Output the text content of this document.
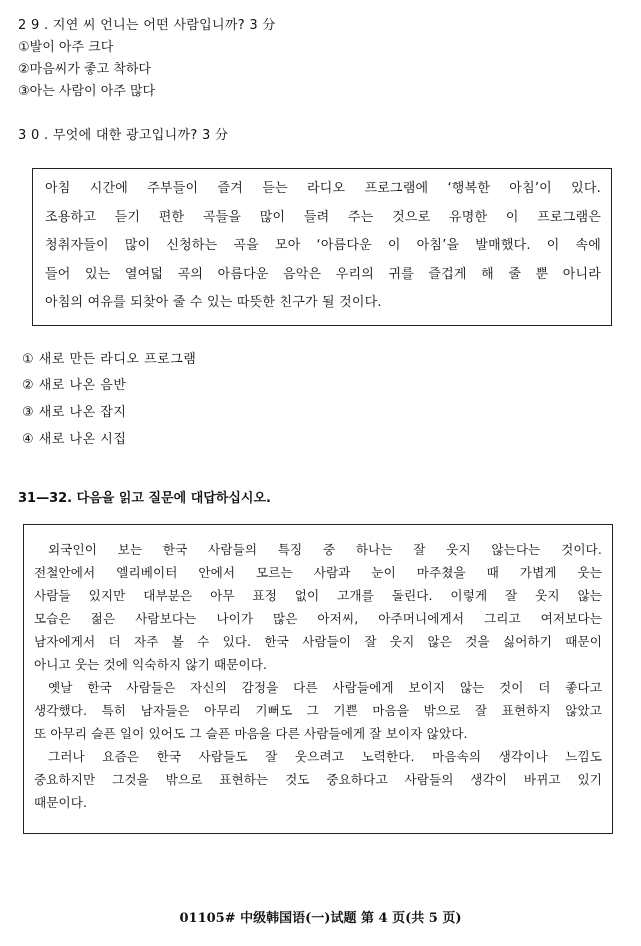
2 9 . 지연 씨 언니는 어떤 사람입니까? 3 分
①발이 아주 크다
②마음씨가 좋고 착하다
③아는 사람이 아주 많다
3 0 . 무엇에 대한 광고입니까? 3 分

아침 시간에 주부들이 즐겨 듣는 라디오 프로그램에 ‘행복한 아침’이 있다.

조용하고 듣기 편한 곡들을 많이 들려 주는 것으로 유명한 이 프로그램은

청취자들이 많이 신청하는 곡을 모아 ‘아름다운 이 아침’을 발매했다. 이 속에

들어 있는 열여덟 곡의 아름다운 음악은 우리의 귀를 즐겁게 해 줄 뿐 아니라

아침의 여유를 되찾아 줄 수 있는 따뜻한 친구가 될 것이다.

① 새로 만든 라디오 프로그램
② 새로 나온 음반
③ 새로 나온 잡지
④ 새로 나온 시집
31—32. 다음을 읽고 질문에 대답하십시오.

외국인이 보는 한국 사람들의 특징 중 하나는 잘 웃지 않는다는 것이다.

전철안에서 엘리베이터 안에서 모르는 사람과 눈이 마주쳤을 때 가볍게 웃는

사람들 있지만 대부분은 아무 표정 없이 고개를 돌린다. 이렇게 잘 웃지 않는

모습은 젊은 사람보다는 나이가 많은 아저씨, 아주머니에게서 그리고 여저보다는

남자에게서 더 자주 볼 수 있다. 한국 사람들이 잘 웃지 않은 것을 싫어하기 때문이

아니고 웃는 것에 익숙하지 않기 때문이다.

옛날 한국 사람들은 자신의 감정을 다른 사람들에게 보이지 않는 것이 더 좋다고

생각했다. 특히 남자들은 아무리 기뻐도 그 기쁜 마음을 밖으로 잘 표현하지 않았고

또 아무리 슬픈 일이 있어도 그 슬픈 마음을 다른 사람들에게 잘 보이자 않았다.

그러나 요즘은 한국 사람들도 잘 웃으려고 노력한다. 마음속의 생각이나 느낌도

중요하지만 그것을 밖으로 표현하는 것도 중요하다고 사람들의 생각이 바뀌고 있기

때문이다.

01105# 中级韩国语(一)试题 第 4 页(共 5 页)
